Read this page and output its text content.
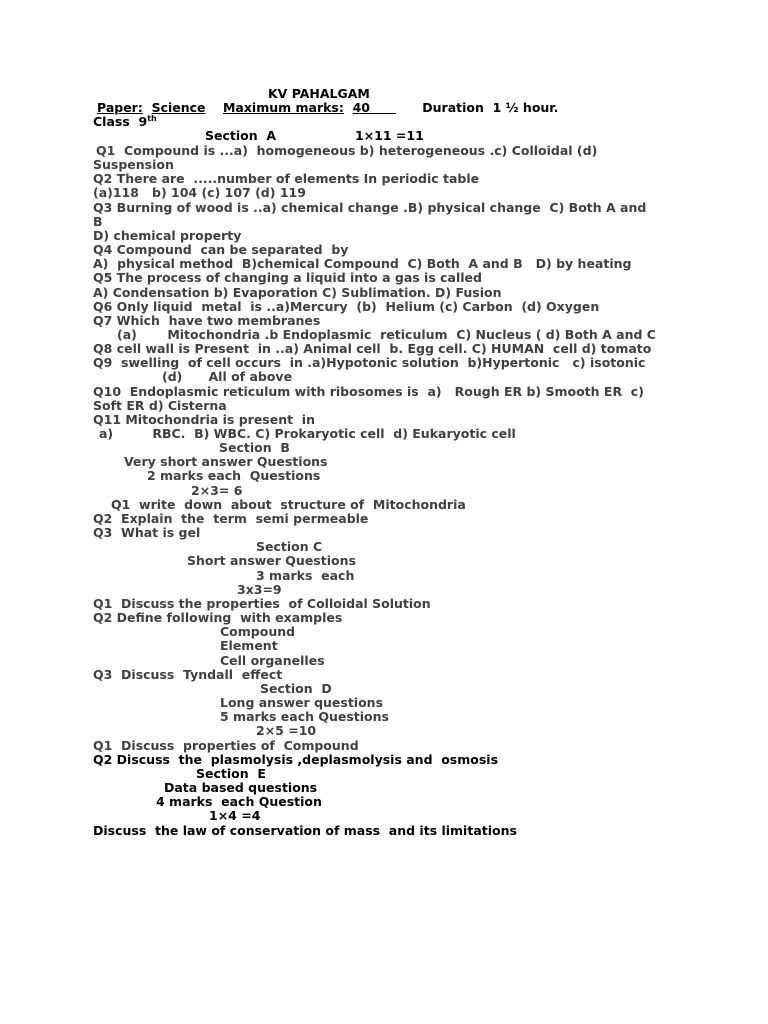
KV PAHALGAM
Paper: Science Maximum marks: 40	Duration  1 ½ hour.
Class  9th
Section  A	1×11 =11
Q1  Compound is ...a)  homogeneous b) heterogeneous .c) Colloidal (d)
Suspension
Q2 There are  .....number of elements In periodic table
(a)118   b) 104 (c) 107 (d) 119
Q3 Burning of wood is ..a) chemical change .B) physical change  C) Both A and
B
D) chemical property
Q4 Compound  can be separated  by
A)  physical method  B)chemical Compound  C) Both  A and B   D) by heating
Q5 The process of changing a liquid into a gas is called
A) Condensation b) Evaporation C) Sublimation. D) Fusion
Q6 Only liquid  metal  is ..a)Mercury  (b)  Helium (c) Carbon  (d) Oxygen
Q7 Which  have two membranes
(a)       Mitochondria .b Endoplasmic  reticulum  C) Nucleus ( d) Both A and C
Q8 cell wall is Present  in ..a) Animal cell  b. Egg cell. C) HUMAN  cell d) tomato
Q9  swelling  of cell occurs  in .a)Hypotonic solution  b)Hypertonic   c) isotonic
(d)      All of above
Q10  Endoplasmic reticulum with ribosomes is  a)   Rough ER b) Smooth ER  c)
Soft ER d) Cisterna
Q11 Mitochondria is present  in
a)         RBC.  B) WBC. C) Prokaryotic cell  d) Eukaryotic cell
Section  B
Very short answer Questions
2 marks each  Questions
2×3= 6
Q1  write  down  about  structure of  Mitochondria
Q2  Explain  the  term  semi permeable
Q3  What is gel
Section C
Short answer Questions
3 marks  each
3x3=9
Q1  Discuss the properties  of Colloidal Solution
Q2 Define following  with examples
Compound
Element
Cell organelles
Q3  Discuss  Tyndall  effect
Section  D
Long answer questions
5 marks each Questions
2×5 =10
Q1  Discuss  properties of  Compound
Q2 Discuss  the  plasmolysis ,deplasmolysis and  osmosis
Section  E
Data based questions
4 marks  each Question
1×4 =4
Discuss  the law of conservation of mass  and its limitations
